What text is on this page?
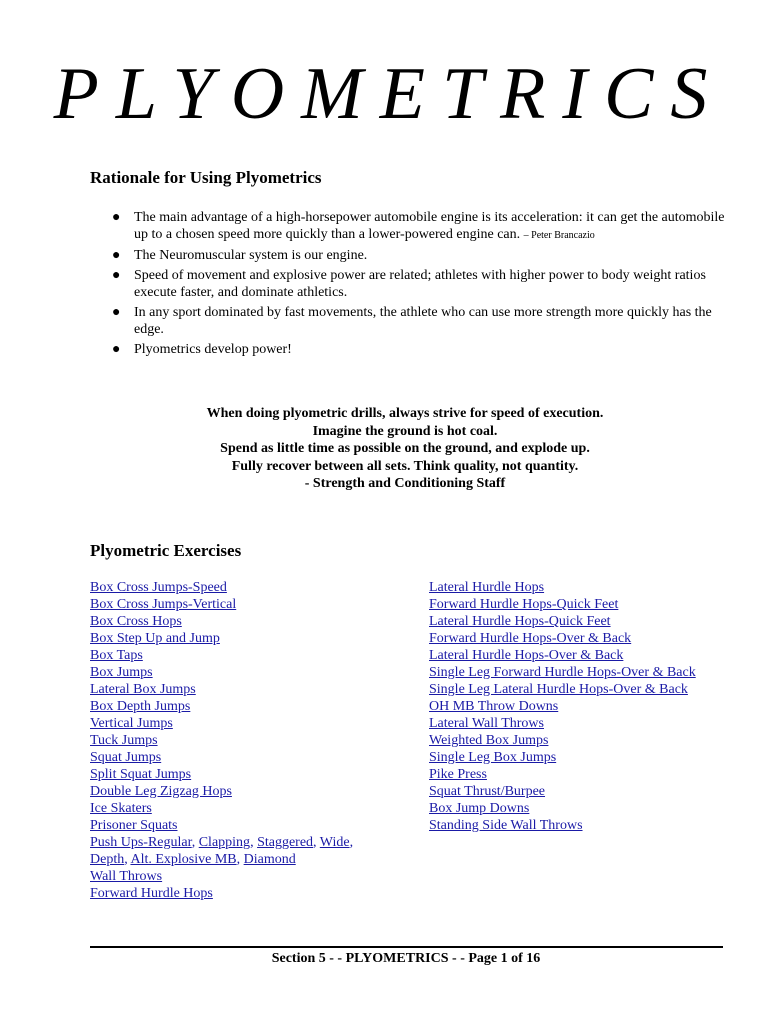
PLYOMETRICS
Rationale for Using Plyometrics
● The main advantage of a high-horsepower automobile engine is its acceleration: it can get the automobile up to a chosen speed more quickly than a lower-powered engine can. – Peter Brancazio
● The Neuromuscular system is our engine.
● Speed of movement and explosive power are related; athletes with higher power to body weight ratios execute faster, and dominate athletics.
● In any sport dominated by fast movements, the athlete who can use more strength more quickly has the edge.
● Plyometrics develop power!
When doing plyometric drills, always strive for speed of execution.
Imagine the ground is hot coal.
Spend as little time as possible on the ground, and explode up.
Fully recover between all sets. Think quality, not quantity.
- Strength and Conditioning Staff
Plyometric Exercises
Box Cross Jumps-Speed
Box Cross Jumps-Vertical
Box Cross Hops
Box Step Up and Jump
Box Taps
Box Jumps
Lateral Box Jumps
Box Depth Jumps
Vertical Jumps
Tuck Jumps
Squat Jumps
Split Squat Jumps
Double Leg Zigzag Hops
Ice Skaters
Prisoner Squats
Push Ups-Regular, Clapping, Staggered, Wide,
Depth, Alt. Explosive MB, Diamond
Wall Throws
Forward Hurdle Hops
Lateral Hurdle Hops
Forward Hurdle Hops-Quick Feet
Lateral Hurdle Hops-Quick Feet
Forward Hurdle Hops-Over & Back
Lateral Hurdle Hops-Over & Back
Single Leg Forward Hurdle Hops-Over & Back
Single Leg Lateral Hurdle Hops-Over & Back
OH MB Throw Downs
Lateral Wall Throws
Weighted Box Jumps
Single Leg Box Jumps
Pike Press
Squat Thrust/Burpee
Box Jump Downs
Standing Side Wall Throws
Section 5 - - PLYOMETRICS - - Page 1 of 16
